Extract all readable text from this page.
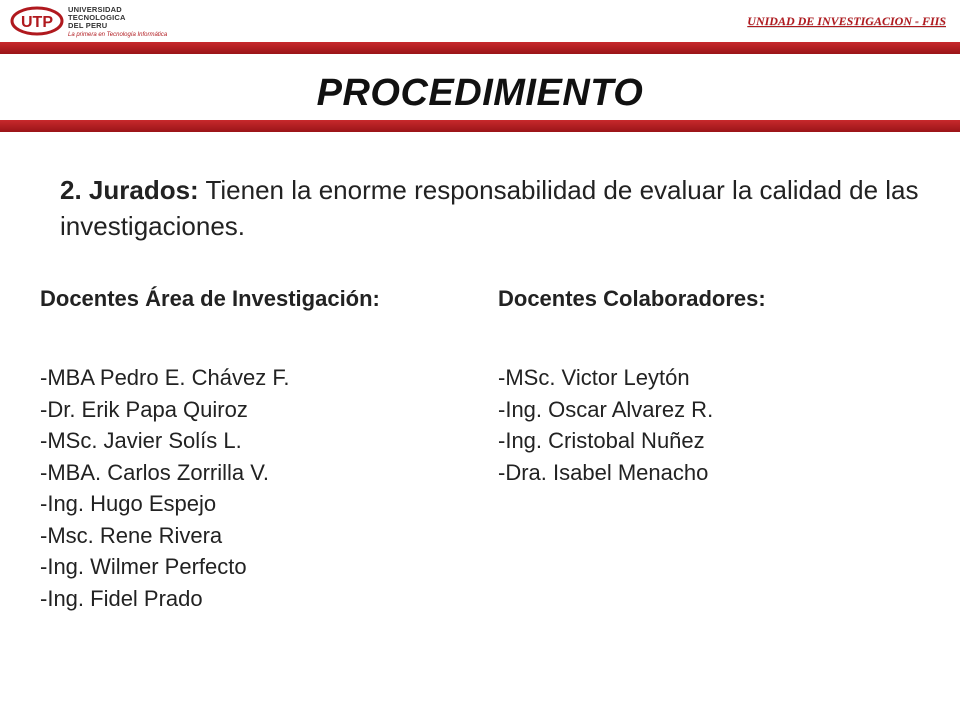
UTP
UNIVERSIDAD
TECNOLOGICA
DEL PERU
La primera en Tecnología Informática
UNIDAD DE INVESTIGACION - FIIS
PROCEDIMIENTO
2. Jurados: Tienen la enorme responsabilidad de evaluar la calidad de las investigaciones.
Docentes Área de Investigación:
-MBA Pedro E. Chávez F.
-Dr. Erik Papa Quiroz
-MSc. Javier Solís L.
-MBA. Carlos Zorrilla V.
-Ing. Hugo Espejo
-Msc. Rene Rivera
-Ing. Wilmer Perfecto
-Ing. Fidel Prado
Docentes Colaboradores:
-MSc. Victor Leytón
-Ing. Oscar Alvarez R.
-Ing. Cristobal Nuñez
-Dra. Isabel Menacho
